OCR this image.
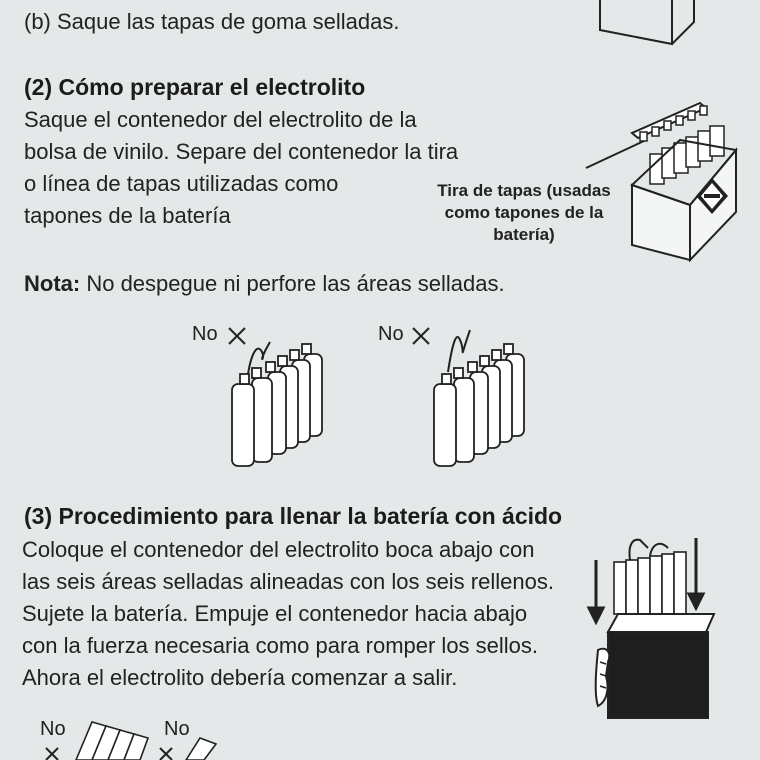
(b) Saque las tapas de goma selladas.
(2) Cómo preparar el electrolito
Saque el contenedor del electrolito de la
bolsa de vinilo. Separe del contenedor la tira
o línea de tapas utilizadas como
tapones de la batería
Tira de tapas (usadas
como tapones de la
batería)
Nota: No despegue ni perfore las áreas selladas.
No	No
(3) Procedimiento para llenar la batería con ácido
Coloque el contenedor del electrolito boca abajo con
las seis áreas selladas alineadas con los seis rellenos.
Sujete la batería. Empuje el contenedor hacia abajo
con la fuerza necesaria como para romper los sellos.
Ahora el electrolito debería comenzar a salir.
No	No
